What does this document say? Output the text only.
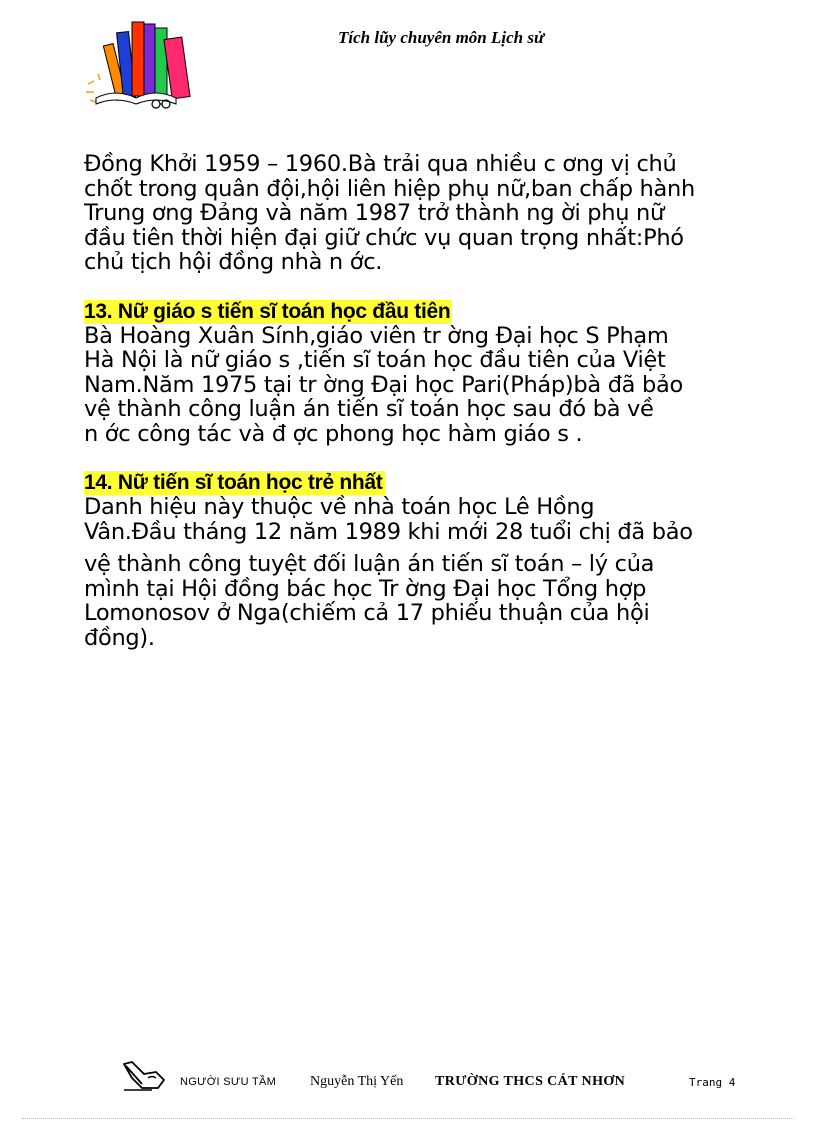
Tích lũy chuyên môn Lịch sử

Đồng Khởi 1959 – 1960.Bà trải qua nhiều c ơng vị chủ
chốt trong quân đội,hội liên hiệp phụ nữ,ban chấp hành
Trung ơng Đảng và năm 1987 trở thành ng ời phụ nữ
đầu tiên thời hiện đại giữ chức vụ quan trọng nhất:Phó
chủ tịch hội đồng nhà n ớc.

13. Nữ giáo s tiến sĩ toán học đầu tiên
Bà Hoàng Xuân Sính,giáo viên tr ờng Đại học S Phạm
Hà Nội là nữ giáo s ,tiến sĩ toán học đầu tiên của Việt
Nam.Năm 1975 tại tr ờng Đại học Pari(Pháp)bà đã bảo
vệ thành công luận án tiến sĩ toán học sau đó bà về
n ớc công tác và đ ợc phong học hàm giáo s .
14. Nữ tiến sĩ toán học trẻ nhất
Danh hiệu này thuộc về nhà toán học Lê Hồng
Vân.Đầu tháng 12 năm 1989 khi mới 28 tuổi chị đã bảo
vệ thành công tuyệt đối luận án tiến sĩ toán – lý của
mình tại Hội đồng bác học Tr ờng Đại học Tổng hợp
Lomonosov ở Nga(chiếm cả 17 phiếu thuận của hội
đồng).
NGƯỜI SƯU TẦM Nguyễn Thị Yến TRƯỜNG THCS CÁT NHƠN	Trang 4
